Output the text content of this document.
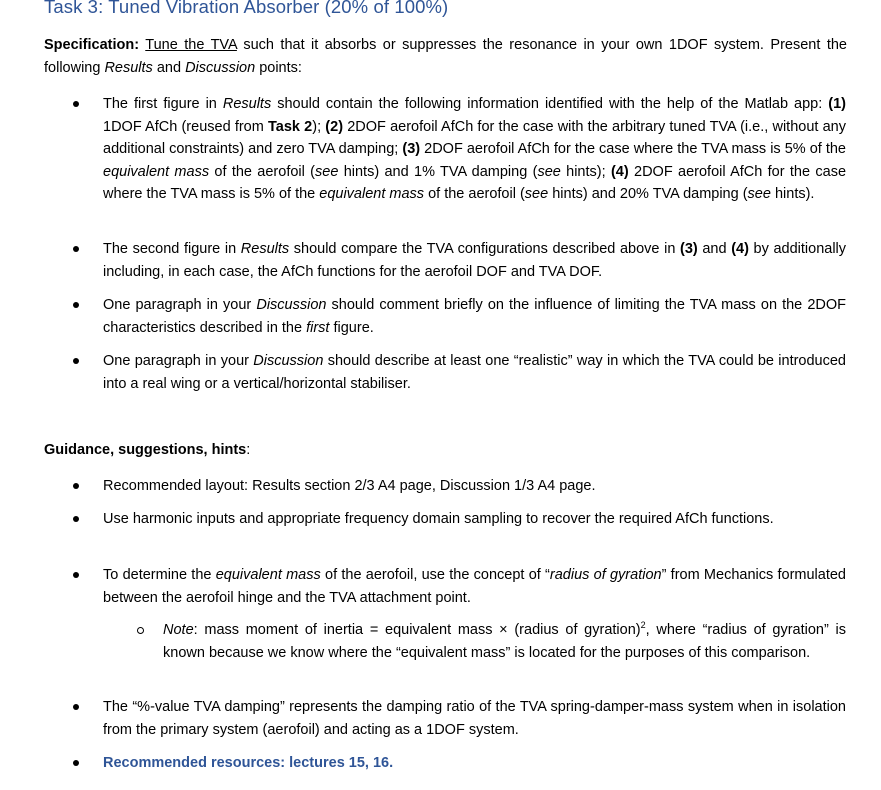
Task 3: Tuned Vibration Absorber (20% of 100%)
Specification: Tune the TVA such that it absorbs or suppresses the resonance in your own 1DOF system. Present the following Results and Discussion points:
The first figure in Results should contain the following information identified with the help of the Matlab app: (1) 1DOF AfCh (reused from Task 2); (2) 2DOF aerofoil AfCh for the case with the arbitrary tuned TVA (i.e., without any additional constraints) and zero TVA damping; (3) 2DOF aerofoil AfCh for the case where the TVA mass is 5% of the equivalent mass of the aerofoil (see hints) and 1% TVA damping (see hints); (4) 2DOF aerofoil AfCh for the case where the TVA mass is 5% of the equivalent mass of the aerofoil (see hints) and 20% TVA damping (see hints).
The second figure in Results should compare the TVA configurations described above in (3) and (4) by additionally including, in each case, the AfCh functions for the aerofoil DOF and TVA DOF.
One paragraph in your Discussion should comment briefly on the influence of limiting the TVA mass on the 2DOF characteristics described in the first figure.
One paragraph in your Discussion should describe at least one “realistic” way in which the TVA could be introduced into a real wing or a vertical/horizontal stabiliser.
Guidance, suggestions, hints:
Recommended layout: Results section 2/3 A4 page, Discussion 1/3 A4 page.
Use harmonic inputs and appropriate frequency domain sampling to recover the required AfCh functions.
To determine the equivalent mass of the aerofoil, use the concept of “radius of gyration” from Mechanics formulated between the aerofoil hinge and the TVA attachment point.
Note: mass moment of inertia = equivalent mass × (radius of gyration)$^2$, where “radius of gyration” is known because we know where the “equivalent mass” is located for the purposes of this comparison.
The “%-value TVA damping” represents the damping ratio of the TVA spring-damper-mass system when in isolation from the primary system (aerofoil) and acting as a 1DOF system.
Recommended resources: lectures 15, 16.
